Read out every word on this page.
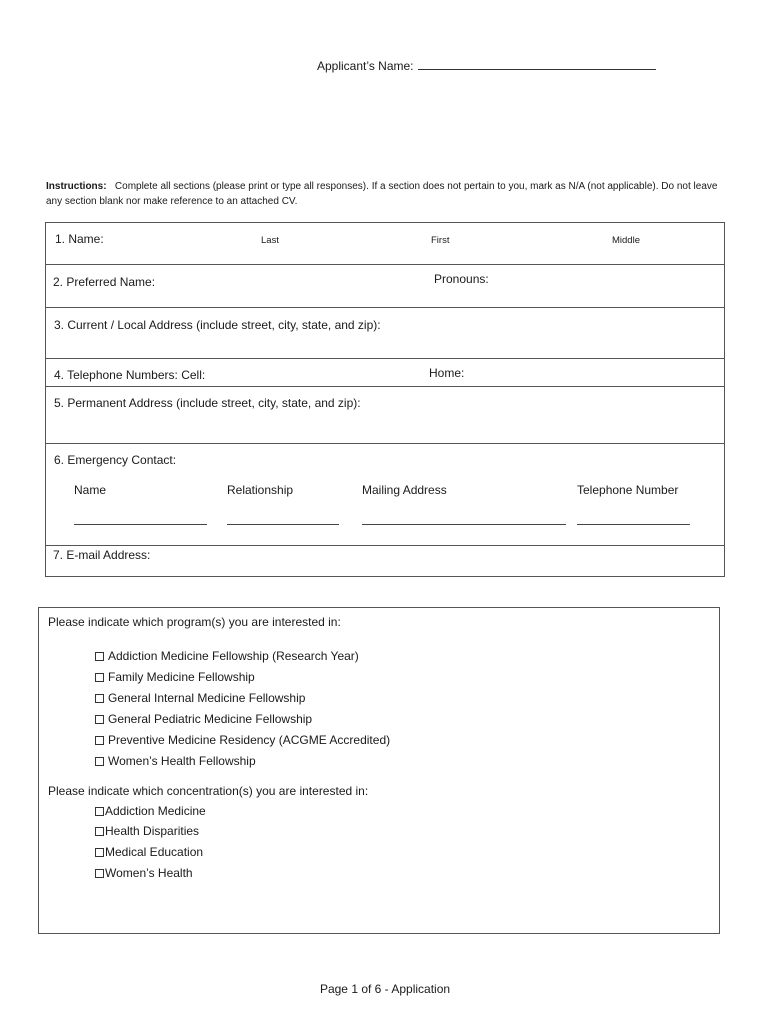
Applicant’s Name:
Instructions: Complete all sections (please print or type all responses). If a section does not pertain to you, mark as N/A (not applicable). Do not leave any section blank nor make reference to an attached CV.
1. Name:	Last	First	Middle
2. Preferred Name:	Pronouns:
3. Current / Local Address (include street, city, state, and zip):
4. Telephone Numbers: Cell:	Home:
5. Permanent Address (include street, city, state, and zip):
6. Emergency Contact:
Name	Relationship	Mailing Address	Telephone Number
7. E-mail Address:
Please indicate which program(s) you are interested in:
Addiction Medicine Fellowship (Research Year)
Family Medicine Fellowship
General Internal Medicine Fellowship
General Pediatric Medicine Fellowship
Preventive Medicine Residency (ACGME Accredited)
Women’s Health Fellowship
Please indicate which concentration(s) you are interested in:
Addiction Medicine
Health Disparities
Medical Education
Women’s Health
Page 1 of 6 - Application
